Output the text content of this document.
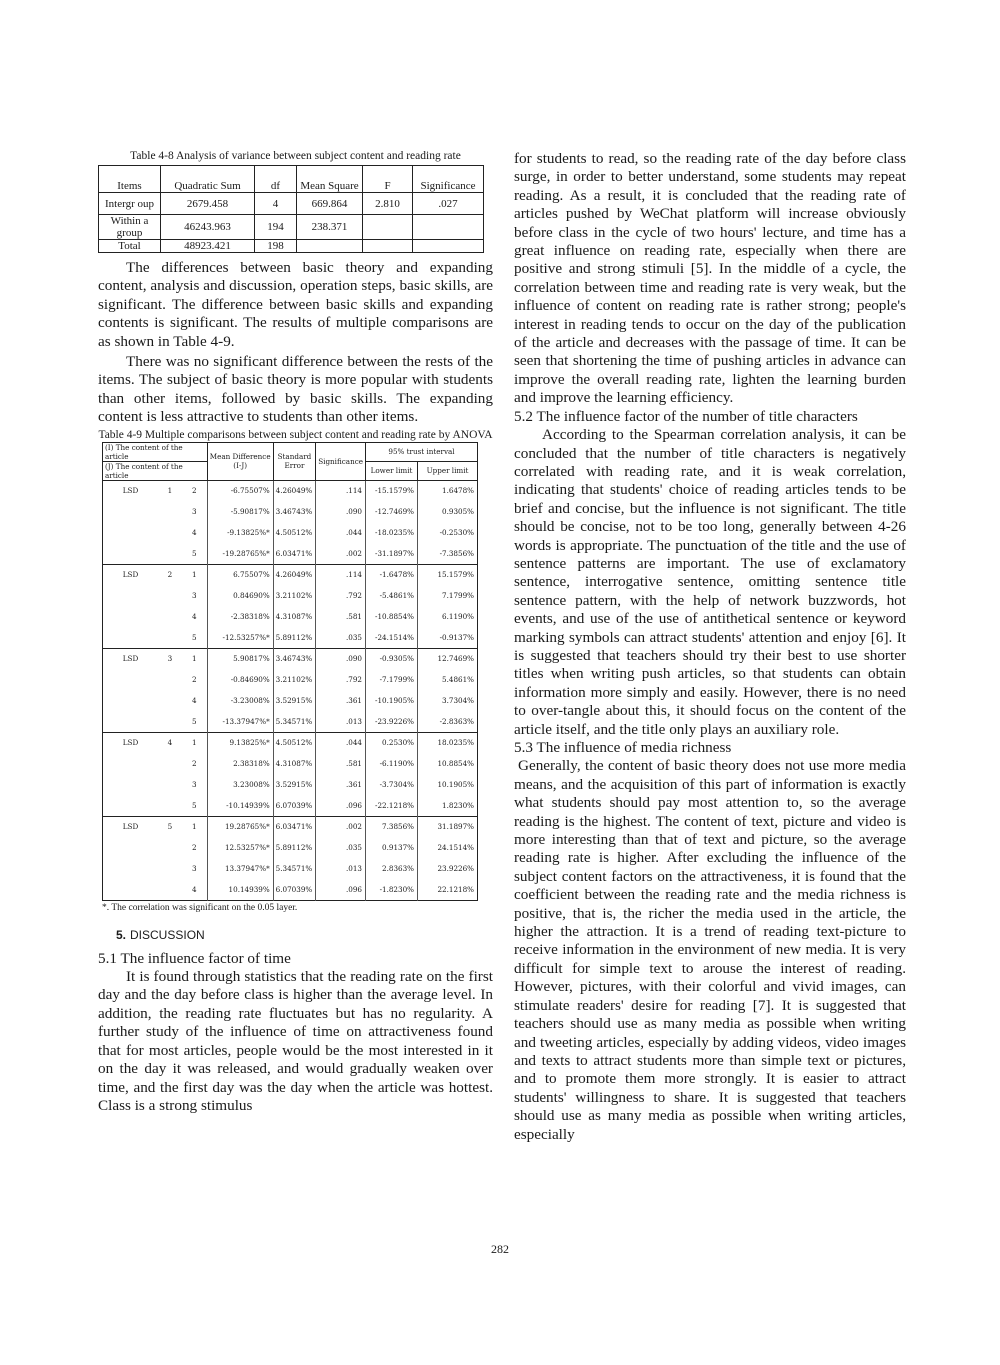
Table 4-8 Analysis of variance between subject content and reading rate
Items	Quadratic Sum	df	Mean Square	F	Significance
Intergr oup	2679.458	4	669.864	2.810	.027
Within a group	46243.963	194	238.371		
Total	48923.421	198			

The differences between basic theory and expanding content, analysis and discussion, operation steps, basic skills, are significant. The difference between basic skills and expanding contents is significant. The results of multiple comparisons are as shown in Table 4-9.

There was no significant difference between the rests of the items. The subject of basic theory is more popular with students than other items, followed by basic skills. The expanding content is less attractive to students than other items.

Table 4-9 Multiple comparisons between subject content and reading rate by ANOVA
(I) The content of the article			Mean Difference (I-J)	Standard Error	Significance	95% trust interval	
(J) The content of the article						Lower limit	Upper limit
LSD	1	2	-6.75507%	4.26049%	.114	-15.1579%	1.6478%
		3	-5.90817%	3.46743%	.090	-12.7469%	0.9305%
		4	-9.13825%*	4.50512%	.044	-18.0235%	-0.2530%
		5	-19.28765%*	6.03471%	.002	-31.1897%	-7.3856%
LSD	2	1	6.75507%	4.26049%	.114	-1.6478%	15.1579%
		3	0.84690%	3.21102%	.792	-5.4861%	7.1799%
		4	-2.38318%	4.31087%	.581	-10.8854%	6.1190%
		5	-12.53257%*	5.89112%	.035	-24.1514%	-0.9137%
LSD	3	1	5.90817%	3.46743%	.090	-0.9305%	12.7469%
		2	-0.84690%	3.21102%	.792	-7.1799%	5.4861%
		4	-3.23008%	3.52915%	.361	-10.1905%	3.7304%
		5	-13.37947%*	5.34571%	.013	-23.9226%	-2.8363%
LSD	4	1	9.13825%*	4.50512%	.044	0.2530%	18.0235%
		2	2.38318%	4.31087%	.581	-6.1190%	10.8854%
		3	3.23008%	3.52915%	.361	-3.7304%	10.1905%
		5	-10.14939%	6.07039%	.096	-22.1218%	1.8230%
LSD	5	1	19.28765%*	6.03471%	.002	7.3856%	31.1897%
		2	12.53257%*	5.89112%	.035	0.9137%	24.1514%
		3	13.37947%*	5.34571%	.013	2.8363%	23.9226%
		4	10.14939%	6.07039%	.096	-1.8230%	22.1218%
*. The correlation was significant on the 0.05 layer.
5. DISCUSSION
5.1 The influence factor of time

It is found through statistics that the reading rate on the first day and the day before class is higher than the average level. In addition, the reading rate fluctuates but has no regularity. A further study of the influence of time on attractiveness found that for most articles, people would be the most interested in it on the day it was released, and would gradually weaken over time, and the first day was the day when the article was hottest. Class is a strong stimulus

for students to read, so the reading rate of the day before class surge, in order to better understand, some students may repeat reading. As a result, it is concluded that the reading rate of articles pushed by WeChat platform will increase obviously before class in the cycle of two hours' lecture, and time has a great influence on reading rate, especially when there are positive and strong stimuli [5]. In the middle of a cycle, the correlation between time and reading rate is very weak, but the influence of content on reading rate is rather strong; people's interest in reading tends to occur on the day of the publication of the article and decreases with the passage of time. It can be seen that shortening the time of pushing articles in advance can improve the overall reading rate, lighten the learning burden and improve the learning efficiency.

5.2 The influence factor of the number of title characters

According to the Spearman correlation analysis, it can be concluded that the number of title characters is negatively correlated with reading rate, and it is weak correlation, indicating that students' choice of reading articles tends to be brief and concise, but the influence is not significant. The title should be concise, not to be too long, generally between 4-26 words is appropriate. The punctuation of the title and the use of sentence patterns are important. The use of exclamatory sentence, interrogative sentence, omitting sentence title sentence pattern, with the help of network buzzwords, hot events, and use of the use of antithetical sentence or keyword marking symbols can attract students' attention and enjoy [6]. It is suggested that teachers should try their best to use shorter titles when writing push articles, so that students can obtain information more simply and easily. However, there is no need to over-tangle about this, it should focus on the content of the article itself, and the title only plays an auxiliary role.

5.3 The influence of media richness

Generally, the content of basic theory does not use more media means, and the acquisition of this part of information is exactly what students should pay most attention to, so the average reading is the highest. The content of text, picture and video is more interesting than that of text and picture, so the average reading rate is higher. After excluding the influence of the subject content factors on the attractiveness, it is found that the coefficient between the reading rate and the media richness is positive, that is, the richer the media used in the article, the higher the attraction. It is a trend of reading text-picture to receive information in the environment of new media. It is very difficult for simple text to arouse the interest of reading. However, pictures, with their colorful and vivid images, can stimulate readers' desire for reading [7]. It is suggested that teachers should use as many media as possible when writing and tweeting articles, especially by adding videos, video images and texts to attract students more than simple text or pictures, and to promote them more strongly. It is easier to attract students' willingness to share. It is suggested that teachers should use as many media as possible when writing articles, especially

282
